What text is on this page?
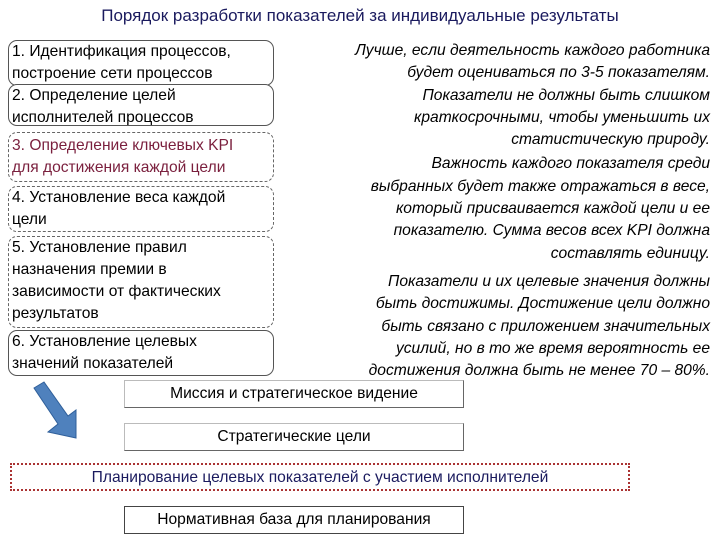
Порядок разработки показателей за индивидуальные результаты
1. Идентификация процессов,
построение сети процессов
2. Определение целей
исполнителей процессов
3. Определение ключевых KPI
для достижения каждой цели
4. Установление веса каждой
цели
5. Установление правил
назначения премии в
зависимости от фактических
результатов
6. Установление целевых
значений показателей

Лучше, если деятельность каждого работника
будет оцениваться по 3-5 показателям.
Показатели не должны быть слишком
краткосрочными, чтобы уменьшить их
статистическую природу.

Важность каждого показателя среди
выбранных будет также отражаться в весе,
который присваивается каждой цели и ее
показателю. Сумма весов всех KPI должна
составлять единицу.

Показатели и их целевые значения должны
быть достижимы. Достижение цели должно
быть связано с приложением значительных
усилий, но в то же время вероятность ее
достижения должна быть не менее 70 – 80%.

Миссия и стратегическое видение
Стратегические цели
Планирование целевых показателей с участием исполнителей
Нормативная база для планирования
